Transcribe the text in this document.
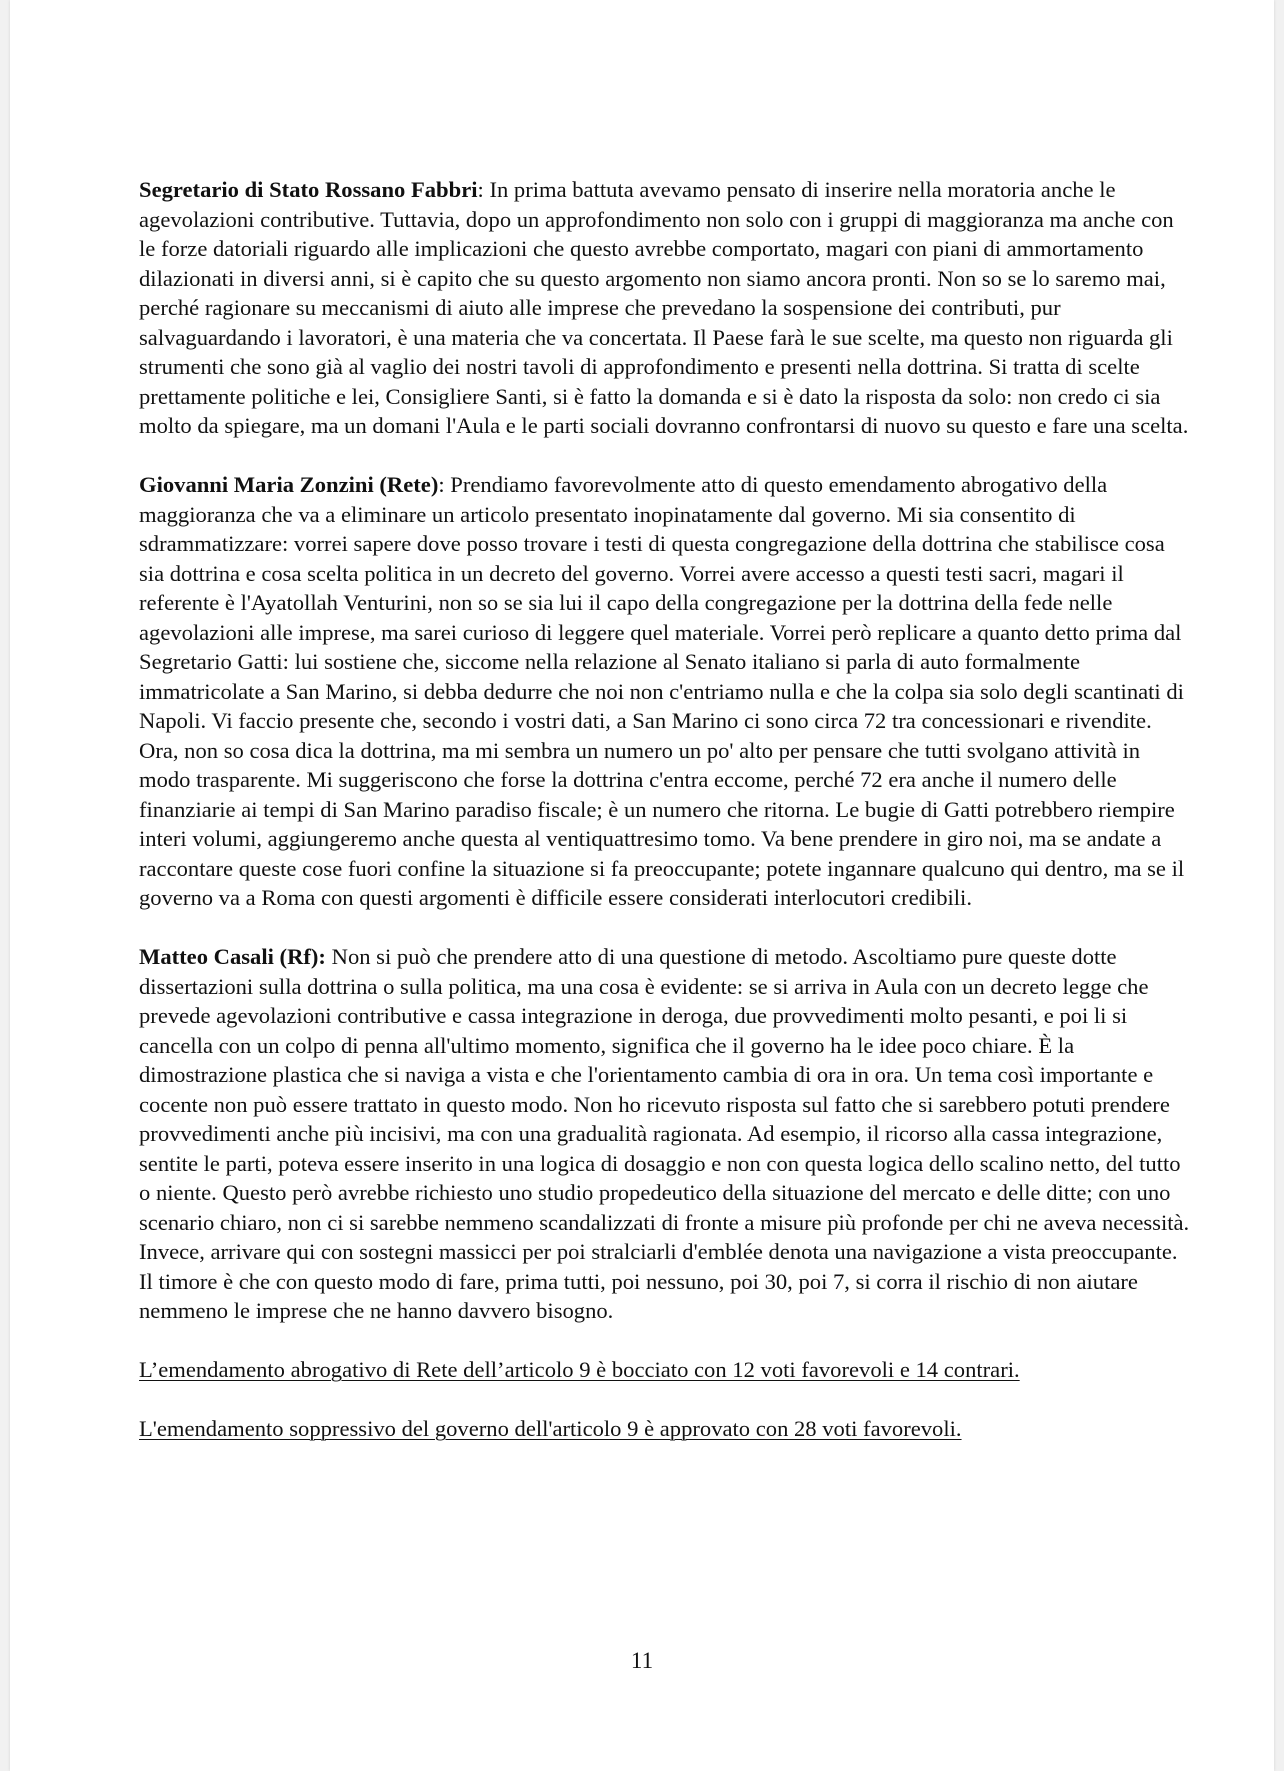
Segretario di Stato Rossano Fabbri: In prima battuta avevamo pensato di inserire nella moratoria anche le agevolazioni contributive. Tuttavia, dopo un approfondimento non solo con i gruppi di maggioranza ma anche con le forze datoriali riguardo alle implicazioni che questo avrebbe comportato, magari con piani di ammortamento dilazionati in diversi anni, si è capito che su questo argomento non siamo ancora pronti. Non so se lo saremo mai, perché ragionare su meccanismi di aiuto alle imprese che prevedano la sospensione dei contributi, pur salvaguardando i lavoratori, è una materia che va concertata. Il Paese farà le sue scelte, ma questo non riguarda gli strumenti che sono già al vaglio dei nostri tavoli di approfondimento e presenti nella dottrina. Si tratta di scelte prettamente politiche e lei, Consigliere Santi, si è fatto la domanda e si è dato la risposta da solo: non credo ci sia molto da spiegare, ma un domani l'Aula e le parti sociali dovranno confrontarsi di nuovo su questo e fare una scelta.

Giovanni Maria Zonzini (Rete): Prendiamo favorevolmente atto di questo emendamento abrogativo della maggioranza che va a eliminare un articolo presentato inopinatamente dal governo. Mi sia consentito di sdrammatizzare: vorrei sapere dove posso trovare i testi di questa congregazione della dottrina che stabilisce cosa sia dottrina e cosa scelta politica in un decreto del governo. Vorrei avere accesso a questi testi sacri, magari il referente è l'Ayatollah Venturini, non so se sia lui il capo della congregazione per la dottrina della fede nelle agevolazioni alle imprese, ma sarei curioso di leggere quel materiale. Vorrei però replicare a quanto detto prima dal Segretario Gatti: lui sostiene che, siccome nella relazione al Senato italiano si parla di auto formalmente immatricolate a San Marino, si debba dedurre che noi non c'entriamo nulla e che la colpa sia solo degli scantinati di Napoli. Vi faccio presente che, secondo i vostri dati, a San Marino ci sono circa 72 tra concessionari e rivendite. Ora, non so cosa dica la dottrina, ma mi sembra un numero un po' alto per pensare che tutti svolgano attività in modo trasparente. Mi suggeriscono che forse la dottrina c'entra eccome, perché 72 era anche il numero delle finanziarie ai tempi di San Marino paradiso fiscale; è un numero che ritorna. Le bugie di Gatti potrebbero riempire interi volumi, aggiungeremo anche questa al ventiquattresimo tomo. Va bene prendere in giro noi, ma se andate a raccontare queste cose fuori confine la situazione si fa preoccupante; potete ingannare qualcuno qui dentro, ma se il governo va a Roma con questi argomenti è difficile essere considerati interlocutori credibili.

Matteo Casali (Rf): Non si può che prendere atto di una questione di metodo. Ascoltiamo pure queste dotte dissertazioni sulla dottrina o sulla politica, ma una cosa è evidente: se si arriva in Aula con un decreto legge che prevede agevolazioni contributive e cassa integrazione in deroga, due provvedimenti molto pesanti, e poi li si cancella con un colpo di penna all'ultimo momento, significa che il governo ha le idee poco chiare. È la dimostrazione plastica che si naviga a vista e che l'orientamento cambia di ora in ora. Un tema così importante e cocente non può essere trattato in questo modo. Non ho ricevuto risposta sul fatto che si sarebbero potuti prendere provvedimenti anche più incisivi, ma con una gradualità ragionata. Ad esempio, il ricorso alla cassa integrazione, sentite le parti, poteva essere inserito in una logica di dosaggio e non con questa logica dello scalino netto, del tutto o niente. Questo però avrebbe richiesto uno studio propedeutico della situazione del mercato e delle ditte; con uno scenario chiaro, non ci si sarebbe nemmeno scandalizzati di fronte a misure più profonde per chi ne aveva necessità. Invece, arrivare qui con sostegni massicci per poi stralciarli d'emblée denota una navigazione a vista preoccupante. Il timore è che con questo modo di fare, prima tutti, poi nessuno, poi 30, poi 7, si corra il rischio di non aiutare nemmeno le imprese che ne hanno davvero bisogno.

L’emendamento abrogativo di Rete dell’articolo 9 è bocciato con 12 voti favorevoli e 14 contrari.

L'emendamento soppressivo del governo dell'articolo 9 è approvato con 28 voti favorevoli.

11
